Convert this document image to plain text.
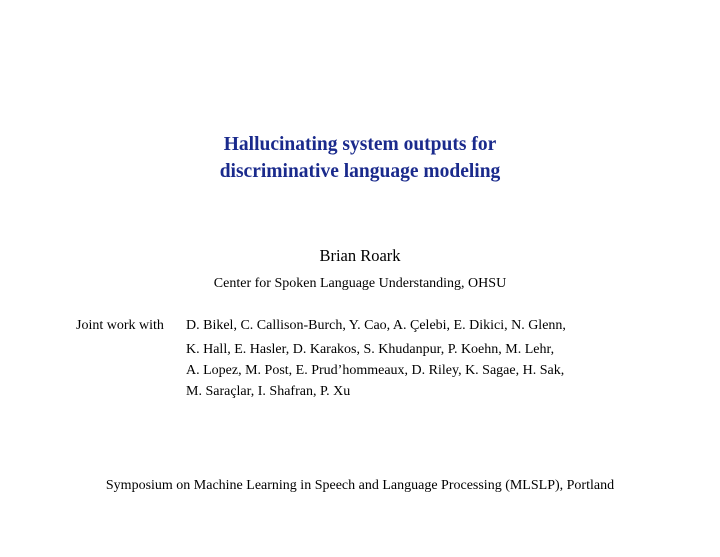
Hallucinating system outputs for
discriminative language modeling
Brian Roark
Center for Spoken Language Understanding, OHSU
Joint work with D. Bikel, C. Callison-Burch, Y. Cao, A. Çelebi, E. Dikici, N. Glenn,
K. Hall, E. Hasler, D. Karakos, S. Khudanpur, P. Koehn, M. Lehr,
A. Lopez, M. Post, E. Prud’hommeaux, D. Riley, K. Sagae, H. Sak,
M. Saraçlar, I. Shafran, P. Xu
Symposium on Machine Learning in Speech and Language Processing (MLSLP), Portland
